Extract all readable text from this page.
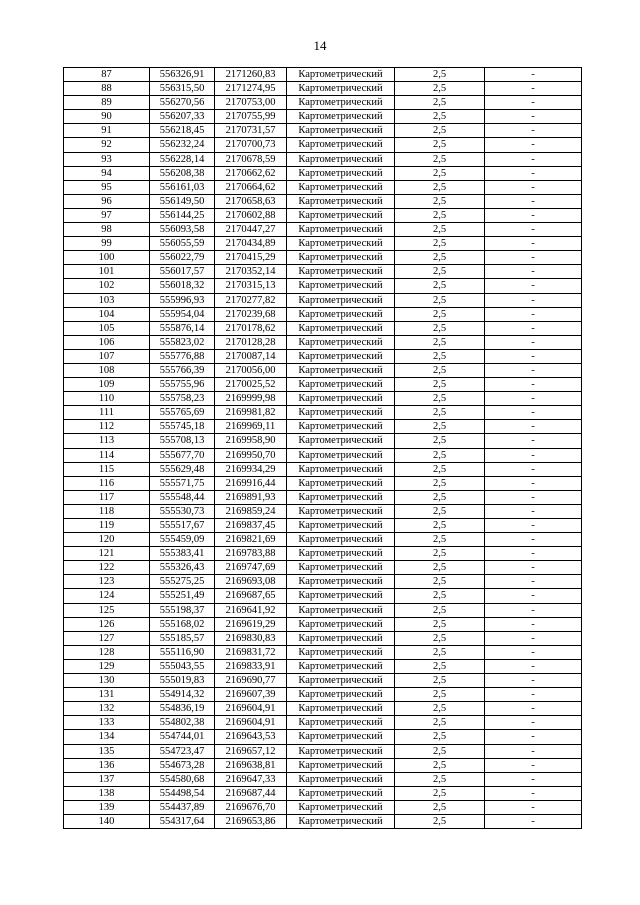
14
87	556326,91	2171260,83	Картометрический	2,5	-
88	556315,50	2171274,95	Картометрический	2,5	-
89	556270,56	2170753,00	Картометрический	2,5	-
90	556207,33	2170755,99	Картометрический	2,5	-
91	556218,45	2170731,57	Картометрический	2,5	-
92	556232,24	2170700,73	Картометрический	2,5	-
93	556228,14	2170678,59	Картометрический	2,5	-
94	556208,38	2170662,62	Картометрический	2,5	-
95	556161,03	2170664,62	Картометрический	2,5	-
96	556149,50	2170658,63	Картометрический	2,5	-
97	556144,25	2170602,88	Картометрический	2,5	-
98	556093,58	2170447,27	Картометрический	2,5	-
99	556055,59	2170434,89	Картометрический	2,5	-
100	556022,79	2170415,29	Картометрический	2,5	-
101	556017,57	2170352,14	Картометрический	2,5	-
102	556018,32	2170315,13	Картометрический	2,5	-
103	555996,93	2170277,82	Картометрический	2,5	-
104	555954,04	2170239,68	Картометрический	2,5	-
105	555876,14	2170178,62	Картометрический	2,5	-
106	555823,02	2170128,28	Картометрический	2,5	-
107	555776,88	2170087,14	Картометрический	2,5	-
108	555766,39	2170056,00	Картометрический	2,5	-
109	555755,96	2170025,52	Картометрический	2,5	-
110	555758,23	2169999,98	Картометрический	2,5	-
111	555765,69	2169981,82	Картометрический	2,5	-
112	555745,18	2169969,11	Картометрический	2,5	-
113	555708,13	2169958,90	Картометрический	2,5	-
114	555677,70	2169950,70	Картометрический	2,5	-
115	555629,48	2169934,29	Картометрический	2,5	-
116	555571,75	2169916,44	Картометрический	2,5	-
117	555548,44	2169891,93	Картометрический	2,5	-
118	555530,73	2169859,24	Картометрический	2,5	-
119	555517,67	2169837,45	Картометрический	2,5	-
120	555459,09	2169821,69	Картометрический	2,5	-
121	555383,41	2169783,88	Картометрический	2,5	-
122	555326,43	2169747,69	Картометрический	2,5	-
123	555275,25	2169693,08	Картометрический	2,5	-
124	555251,49	2169687,65	Картометрический	2,5	-
125	555198,37	2169641,92	Картометрический	2,5	-
126	555168,02	2169619,29	Картометрический	2,5	-
127	555185,57	2169830,83	Картометрический	2,5	-
128	555116,90	2169831,72	Картометрический	2,5	-
129	555043,55	2169833,91	Картометрический	2,5	-
130	555019,83	2169690,77	Картометрический	2,5	-
131	554914,32	2169607,39	Картометрический	2,5	-
132	554836,19	2169604,91	Картометрический	2,5	-
133	554802,38	2169604,91	Картометрический	2,5	-
134	554744,01	2169643,53	Картометрический	2,5	-
135	554723,47	2169657,12	Картометрический	2,5	-
136	554673,28	2169638,81	Картометрический	2,5	-
137	554580,68	2169647,33	Картометрический	2,5	-
138	554498,54	2169687,44	Картометрический	2,5	-
139	554437,89	2169676,70	Картометрический	2,5	-
140	554317,64	2169653,86	Картометрический	2,5	-
